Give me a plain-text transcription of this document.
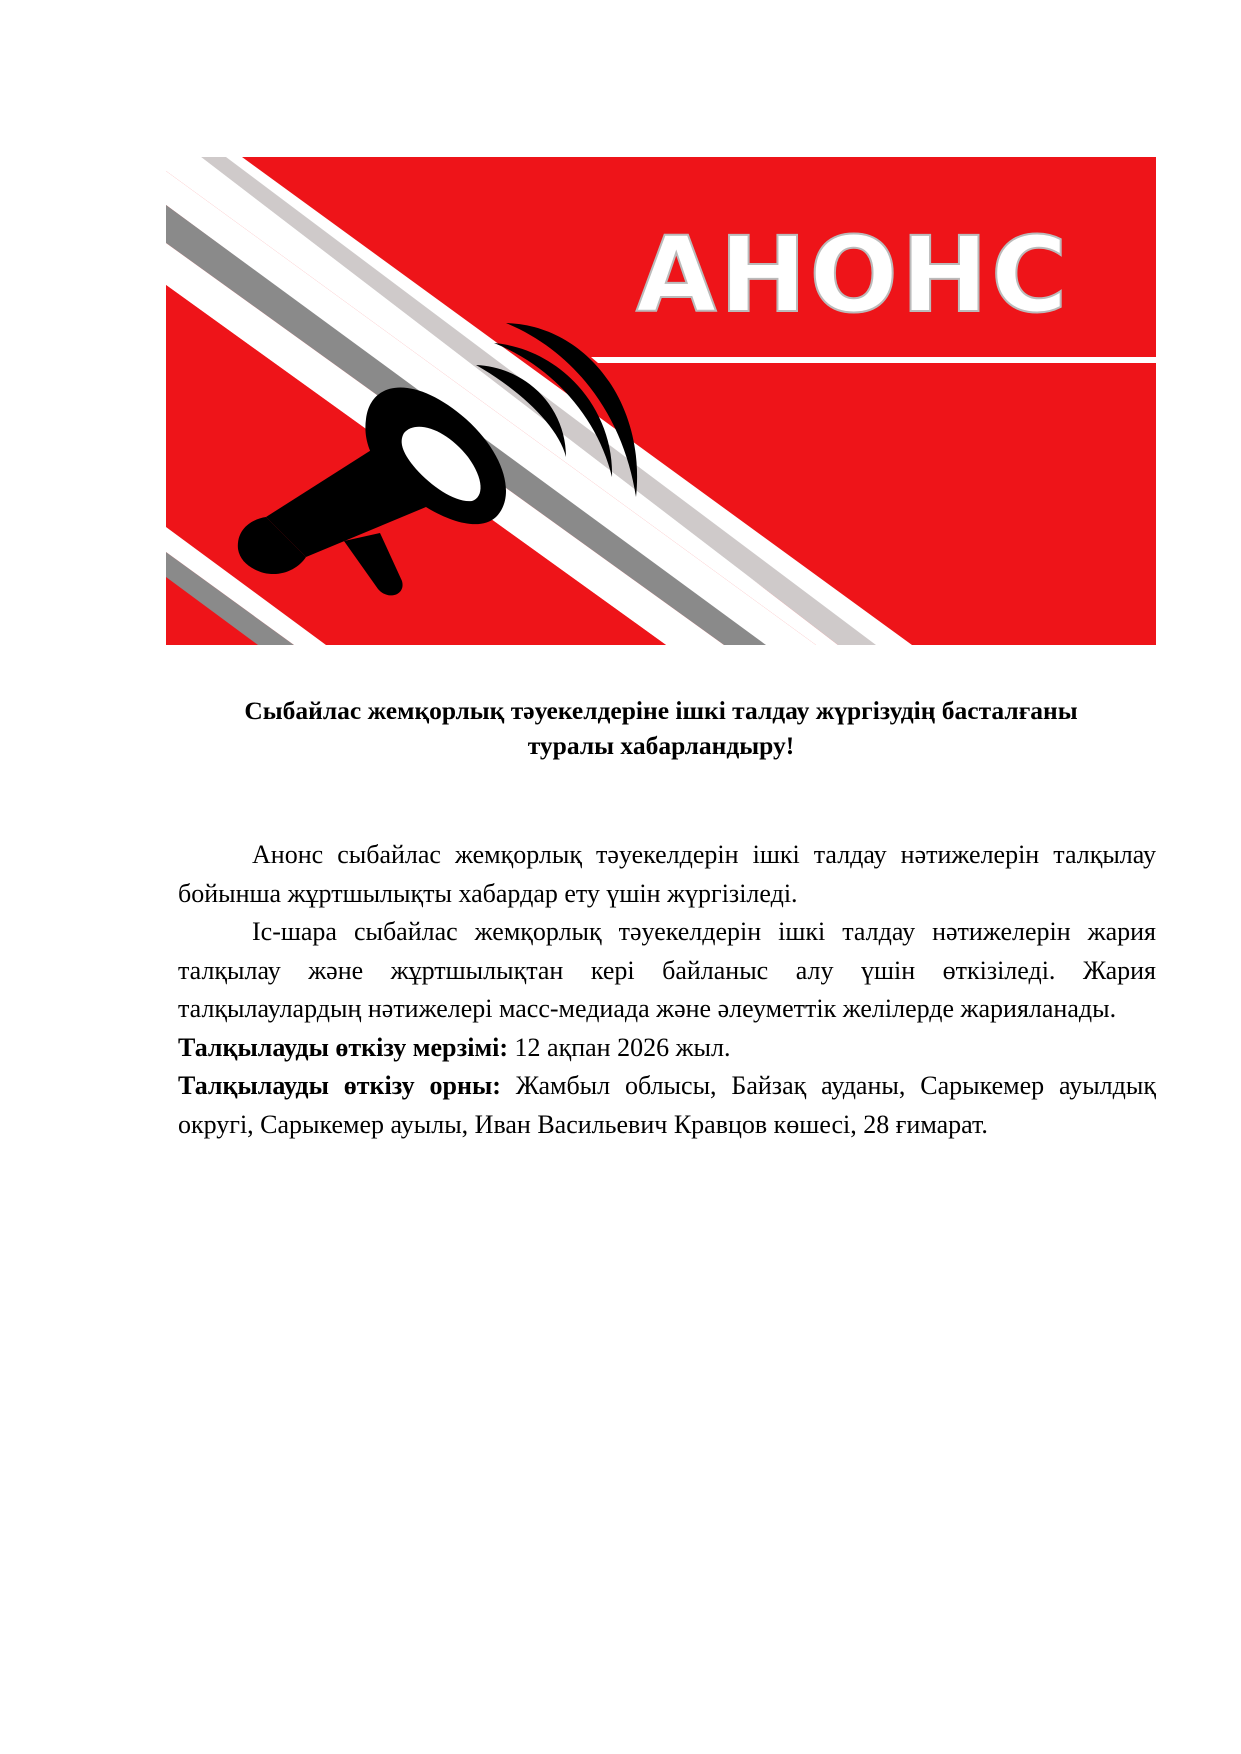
АНОНС
Сыбайлас жемқорлық тәуекелдеріне ішкі талдау жүргізудің басталғаны
туралы хабарландыру!

Анонс сыбайлас жемқорлық тәуекелдерін ішкі талдау нәтижелерін талқылау бойынша жұртшылықты хабардар ету үшін жүргізіледі.

Іс-шара сыбайлас жемқорлық тәуекелдерін ішкі талдау нәтижелерін жария талқылау және жұртшылықтан кері байланыс алу үшін өткізіледі. Жария талқылаулардың нәтижелері масс-медиада және әлеуметтік желілерде жарияланады.

Талқылауды өткізу мерзімі: 12 ақпан 2026 жыл.

Талқылауды өткізу орны: Жамбыл облысы, Байзақ ауданы, Сарыкемер ауылдық округі, Сарыкемер ауылы, Иван Васильевич Кравцов көшесі, 28 ғимарат.
